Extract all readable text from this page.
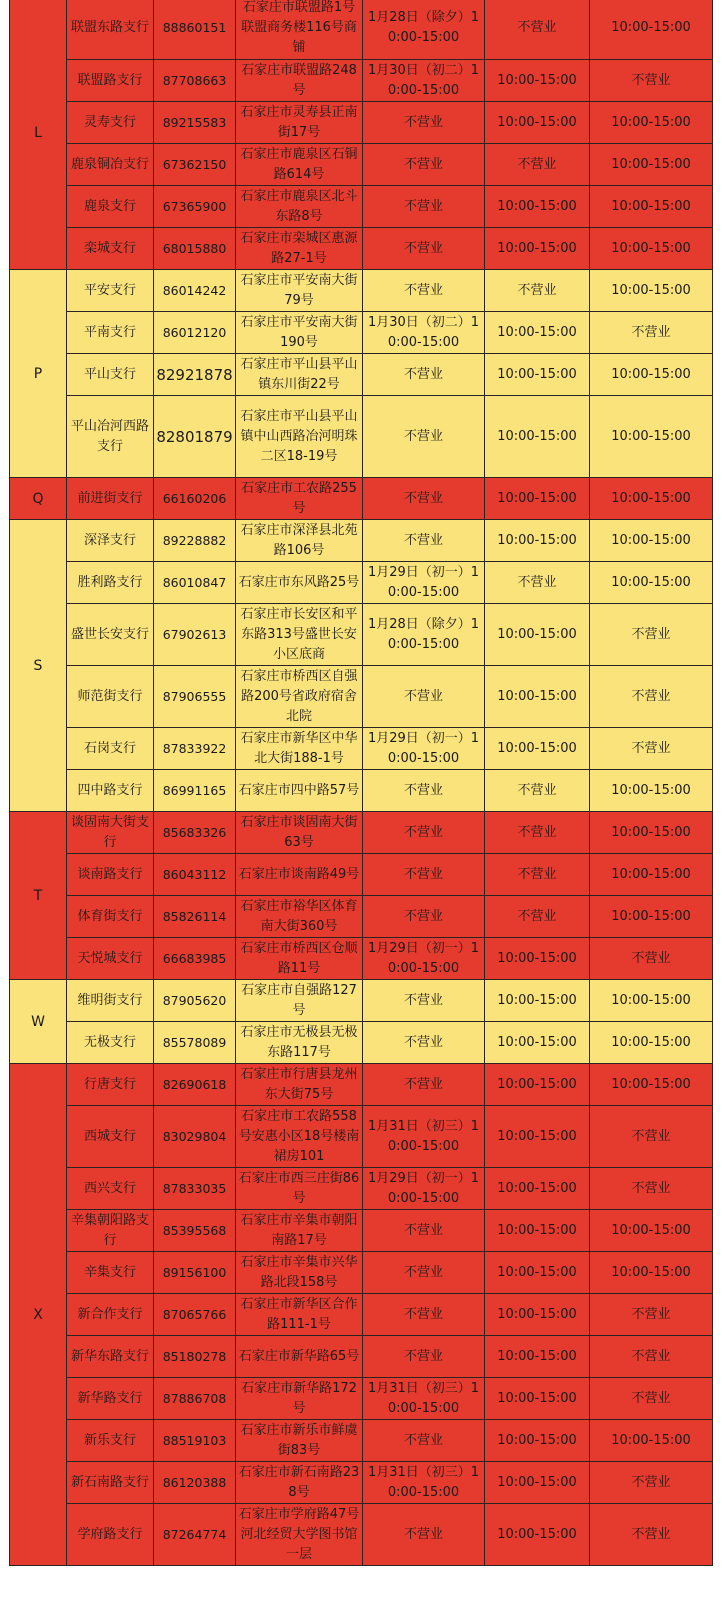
L	联盟东路支行	88860151	石家庄市联盟路1号联盟商务楼116号商铺	1月28日（除夕）10:00-15:00	不营业	10:00-15:00
	联盟路支行	87708663	石家庄市联盟路248号	1月30日（初二）10:00-15:00	10:00-15:00	不营业
	灵寿支行	89215583	石家庄市灵寿县正南街17号	不营业	10:00-15:00	10:00-15:00
	鹿泉铜冶支行	67362150	石家庄市鹿泉区石铜路614号	不营业	不营业	10:00-15:00
	鹿泉支行	67365900	石家庄市鹿泉区北斗东路8号	不营业	10:00-15:00	10:00-15:00
	栾城支行	68015880	石家庄市栾城区惠源路27-1号	不营业	10:00-15:00	10:00-15:00
P	平安支行	86014242	石家庄市平安南大街79号	不营业	不营业	10:00-15:00
	平南支行	86012120	石家庄市平安南大街190号	1月30日（初二）10:00-15:00	10:00-15:00	不营业
	平山支行	82921878	石家庄市平山县平山镇东川街22号	不营业	10:00-15:00	10:00-15:00
	平山冶河西路支行	82801879	石家庄市平山县平山镇中山西路冶河明珠二区18-19号	不营业	10:00-15:00	10:00-15:00
Q	前进街支行	66160206	石家庄市工农路255号	不营业	10:00-15:00	10:00-15:00
S	深泽支行	89228882	石家庄市深泽县北苑路106号	不营业	10:00-15:00	10:00-15:00
	胜利路支行	86010847	石家庄市东风路25号	1月29日（初一）10:00-15:00	不营业	10:00-15:00
	盛世长安支行	67902613	石家庄市长安区和平东路313号盛世长安小区底商	1月28日（除夕）10:00-15:00	10:00-15:00	不营业
	师范街支行	87906555	石家庄市桥西区自强路200号省政府宿舍北院	不营业	10:00-15:00	不营业
	石岗支行	87833922	石家庄市新华区中华北大街188-1号	1月29日（初一）10:00-15:00	10:00-15:00	不营业
	四中路支行	86991165	石家庄市四中路57号	不营业	不营业	10:00-15:00
T	谈固南大街支行	85683326	石家庄市谈固南大街63号	不营业	不营业	10:00-15:00
	谈南路支行	86043112	石家庄市谈南路49号	不营业	不营业	10:00-15:00
	体育街支行	85826114	石家庄市裕华区体育南大街360号	不营业	不营业	10:00-15:00
	天悦城支行	66683985	石家庄市桥西区仓顺路11号	1月29日（初一）10:00-15:00	10:00-15:00	不营业
W	维明街支行	87905620	石家庄市自强路127号	不营业	10:00-15:00	10:00-15:00
	无极支行	85578089	石家庄市无极县无极东路117号	不营业	10:00-15:00	10:00-15:00
X	行唐支行	82690618	石家庄市行唐县龙州东大街75号	不营业	10:00-15:00	10:00-15:00
	西城支行	83029804	石家庄市工农路558号安惠小区18号楼南裙房101	1月31日（初三）10:00-15:00	10:00-15:00	不营业
	西兴支行	87833035	石家庄市西三庄街86号	1月29日（初一）10:00-15:00	10:00-15:00	不营业
	辛集朝阳路支行	85395568	石家庄市辛集市朝阳南路17号	不营业	10:00-15:00	10:00-15:00
	辛集支行	89156100	石家庄市辛集市兴华路北段158号	不营业	10:00-15:00	10:00-15:00
	新合作支行	87065766	石家庄市新华区合作路111-1号	不营业	10:00-15:00	不营业
	新华东路支行	85180278	石家庄市新华路65号	不营业	10:00-15:00	不营业
	新华路支行	87886708	石家庄市新华路172号	1月31日（初三）10:00-15:00	10:00-15:00	不营业
	新乐支行	88519103	石家庄市新乐市鲜虞街83号	不营业	10:00-15:00	10:00-15:00
	新石南路支行	86120388	石家庄市新石南路238号	1月31日（初三）10:00-15:00	10:00-15:00	不营业
	学府路支行	87264774	石家庄市学府路47号河北经贸大学图书馆一层	不营业	10:00-15:00	不营业
